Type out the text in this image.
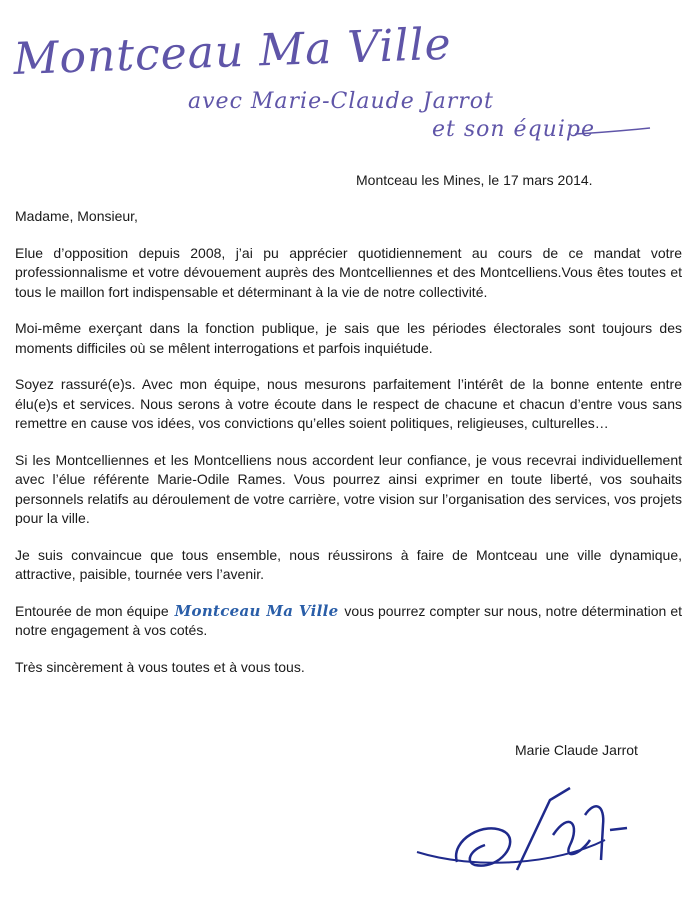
Montceau Ma Ville
avec Marie-Claude Jarrot
et son équipe
Montceau les Mines, le 17 mars 2014.

Madame, Monsieur,

Elue d’opposition depuis 2008, j’ai pu apprécier quotidiennement au cours de ce mandat votre professionnalisme et votre dévouement auprès des Montcelliennes et des Montcelliens.Vous êtes toutes et tous le maillon fort indispensable et déterminant à la vie de notre collectivité.

Moi-même exerçant dans la fonction publique, je sais que les périodes électorales sont toujours des moments difficiles où se mêlent interrogations et parfois inquiétude.

Soyez rassuré(e)s. Avec mon équipe, nous mesurons parfaitement l’intérêt de la bonne entente entre élu(e)s et services. Nous serons à votre écoute dans le respect de chacune et chacun d’entre vous sans remettre en cause vos idées, vos convictions qu’elles soient politiques, religieuses, culturelles…

Si les Montcelliennes et les Montcelliens nous accordent leur confiance, je vous recevrai individuellement avec l’élue référente Marie-Odile Rames. Vous pourrez ainsi exprimer en toute liberté, vos souhaits personnels relatifs au déroulement de votre carrière, votre vision sur l’organisation des services, vos projets pour la ville.

Je suis convaincue que tous ensemble, nous réussirons à faire de Montceau une ville dynamique, attractive, paisible, tournée vers l’avenir.

Entourée de mon équipe Montceau Ma Ville vous pourrez compter sur nous, notre détermination et notre engagement à vos cotés.

Très sincèrement à vous toutes et à vous tous.

Marie Claude Jarrot
